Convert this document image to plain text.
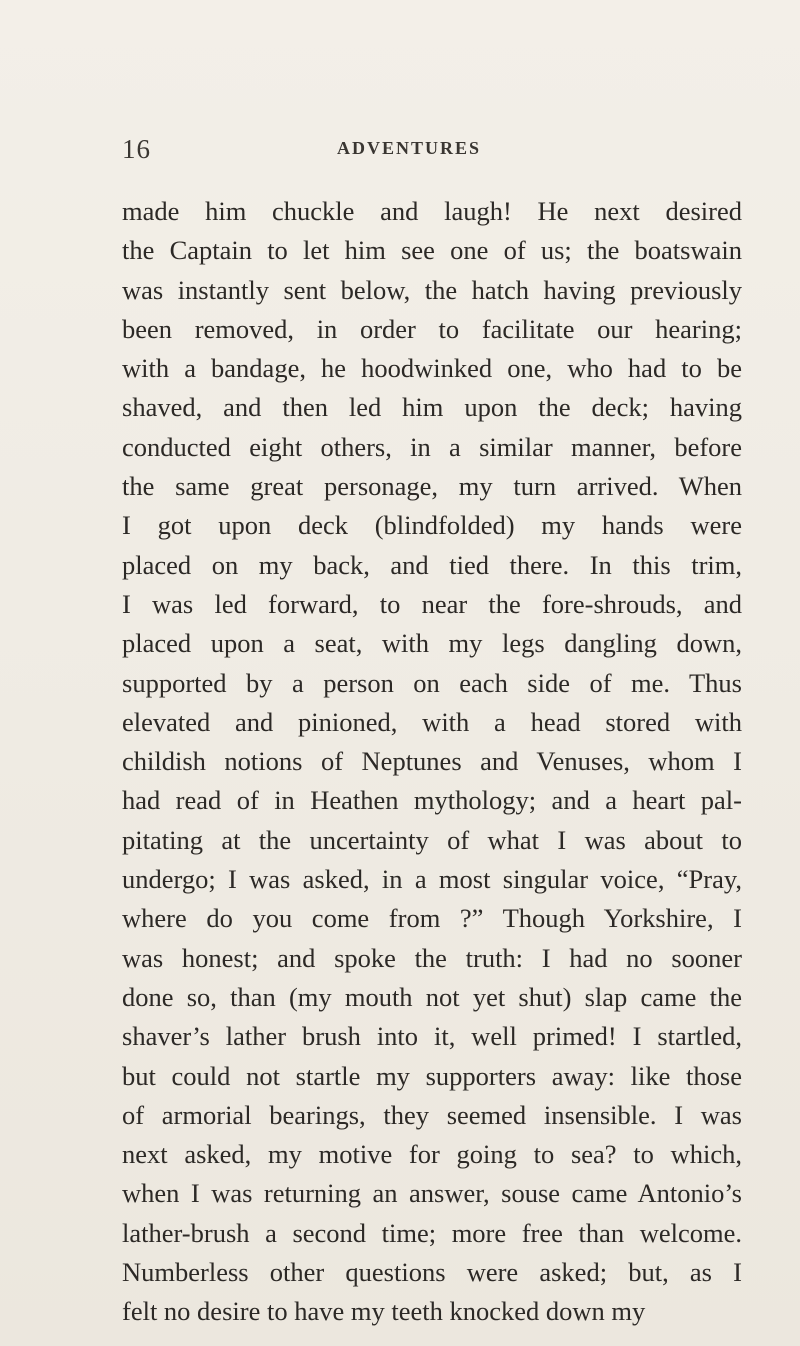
16	ADVENTURES
made him chuckle and laugh! He next desired
the Captain to let him see one of us; the boatswain
was instantly sent below, the hatch having previously
been removed, in order to facilitate our hearing;
with a bandage, he hoodwinked one, who had to be
shaved, and then led him upon the deck; having
conducted eight others, in a similar manner, before
the same great personage, my turn arrived. When
I got upon deck (blindfolded) my hands were
placed on my back, and tied there. In this trim,
I was led forward, to near the fore-shrouds, and
placed upon a seat, with my legs dangling down,
supported by a person on each side of me. Thus
elevated and pinioned, with a head stored with
childish notions of Neptunes and Venuses, whom I
had read of in Heathen mythology; and a heart pal-
pitating at the uncertainty of what I was about to
undergo; I was asked, in a most singular voice, “Pray,
where do you come from ?” Though Yorkshire, I
was honest; and spoke the truth: I had no sooner
done so, than (my mouth not yet shut) slap came the
shaver’s lather brush into it, well primed! I startled,
but could not startle my supporters away: like those
of armorial bearings, they seemed insensible. I was
next asked, my motive for going to sea? to which,
when I was returning an answer, souse came Antonio’s
lather-brush a second time; more free than welcome.
Numberless other questions were asked; but, as I
felt no desire to have my teeth knocked down my
